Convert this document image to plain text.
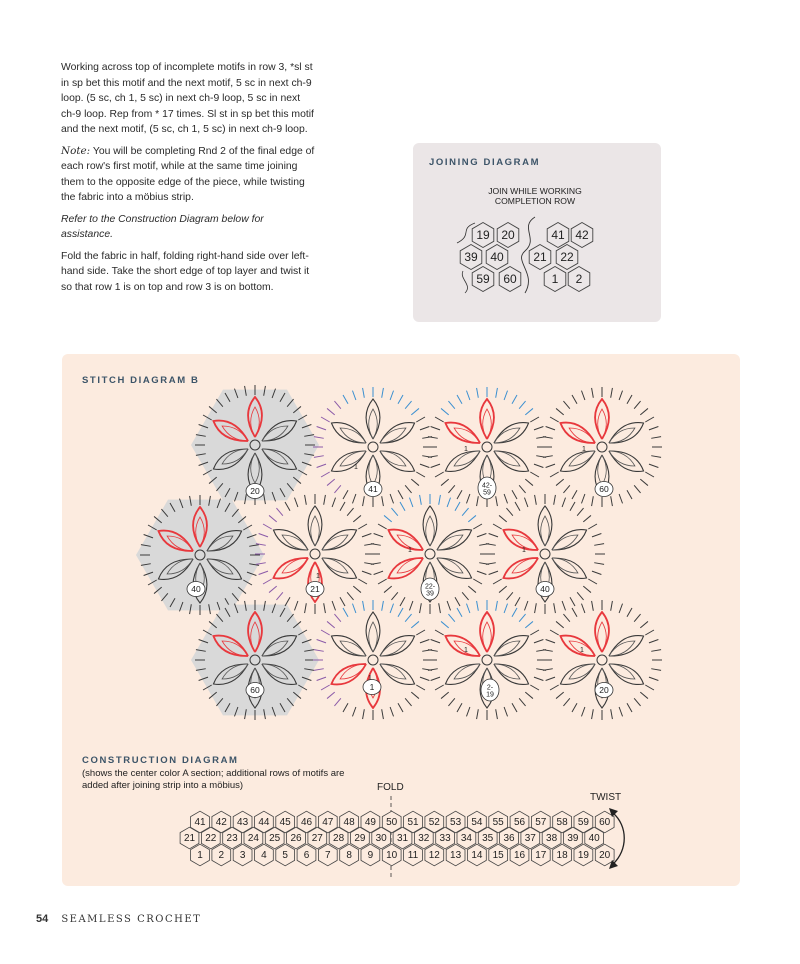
Working across top of incomplete motifs in row 3, *sl st in sp bet this motif and the next motif, 5 sc in next ch-9 loop. (5 sc, ch 1, 5 sc) in next ch-9 loop, 5 sc in next ch-9 loop. Rep from * 17 times. Sl st in sp bet this motif and the next motif, (5 sc, ch 1, 5 sc) in next ch-9 loop.

Note: You will be completing Rnd 2 of the final edge of each row's first motif, while at the same time joining them to the opposite edge of the piece, while twisting the fabric into a möbius strip.

Refer to the Construction Diagram below for assistance.

Fold the fabric in half, folding right-hand side over left-hand side. Take the short edge of top layer and twist it so that row 1 is on top and row 3 is on bottom.

JOINING DIAGRAM
JOIN WHILE WORKING COMPLETION ROW
19 20
39 40
59 60
41 42
21 22
1 2
STITCH DIAGRAM B
20
40
60
41
1
42-59
1
60
1
21
1
22-39
1
40
1
1
1
2-19
1
20
1
CONSTRUCTION DIAGRAM
(shows the center color A section; additional rows of motifs are added after joining strip into a möbius)	FOLD
TWIST
41 42 43 44 45 46 47 48 49 50 51 52 53 54 55 56 57 58 59 60
21 22 23 24 25 26 27 28 29 30 31 32 33 34 35 36 37 38 39 40
1 2 3 4 5 6 7 8 9 10 11 12 13 14 15 16 17 18 19 20
54 SEAMLESS CROCHET
